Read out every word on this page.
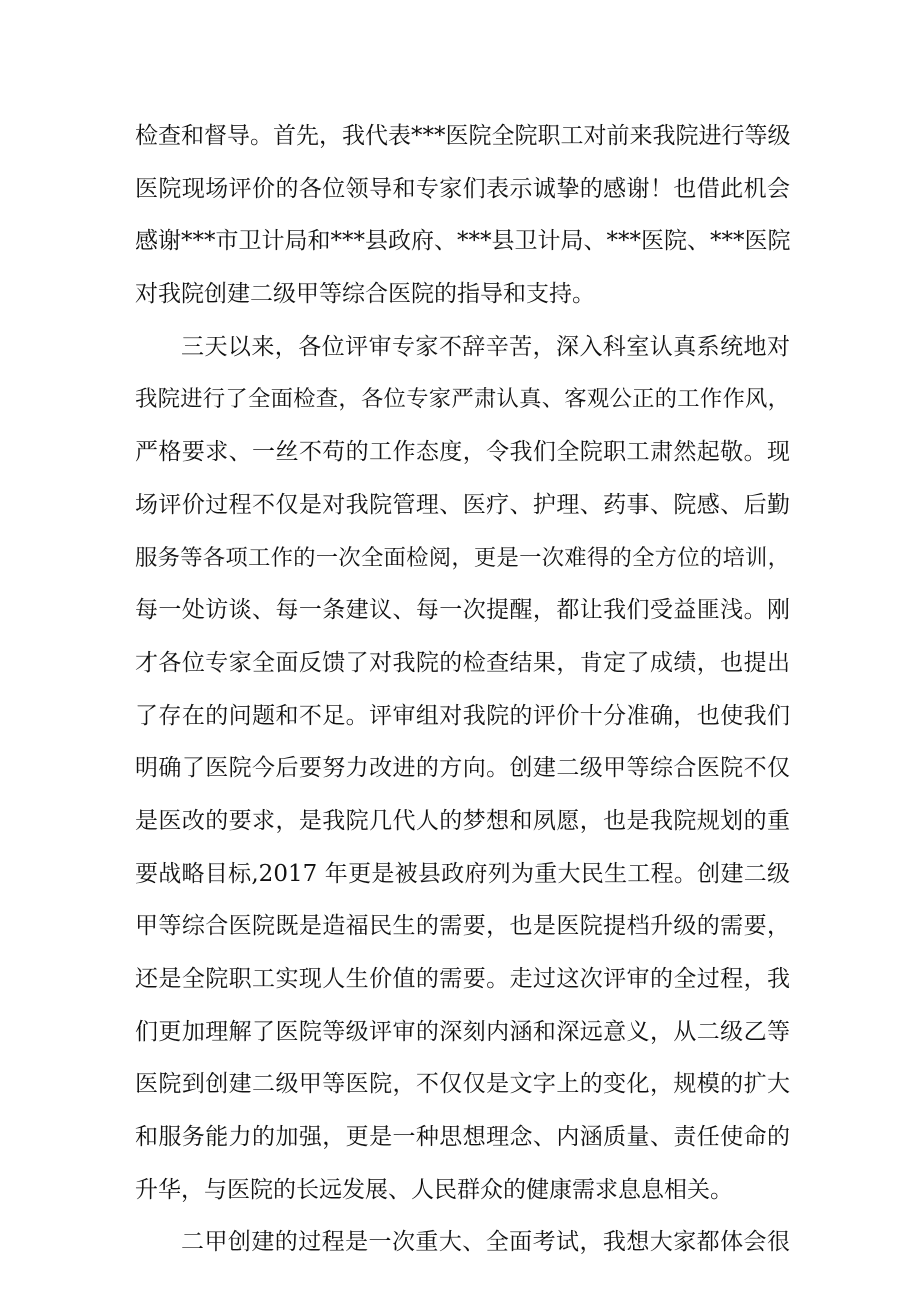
检查和督导。首先，我代表***医院全院职工对前来我院进行等级
医院现场评价的各位领导和专家们表示诚挚的感谢！也借此机会
感谢***市卫计局和***县政府、***县卫计局、***医院、***医院
对我院创建二级甲等综合医院的指导和支持。
三天以来，各位评审专家不辞辛苦，深入科室认真系统地对
我院进行了全面检查，各位专家严肃认真、客观公正的工作作风，
严格要求、一丝不苟的工作态度，令我们全院职工肃然起敬。现
场评价过程不仅是对我院管理、医疗、护理、药事、院感、后勤
服务等各项工作的一次全面检阅，更是一次难得的全方位的培训，
每一处访谈、每一条建议、每一次提醒，都让我们受益匪浅。刚
才各位专家全面反馈了对我院的检查结果，肯定了成绩，也提出
了存在的问题和不足。评审组对我院的评价十分准确，也使我们
明确了医院今后要努力改进的方向。创建二级甲等综合医院不仅
是医改的要求，是我院几代人的梦想和夙愿，也是我院规划的重
要战略目标,2017 年更是被县政府列为重大民生工程。创建二级
甲等综合医院既是造福民生的需要，也是医院提档升级的需要，
还是全院职工实现人生价值的需要。走过这次评审的全过程，我
们更加理解了医院等级评审的深刻内涵和深远意义，从二级乙等
医院到创建二级甲等医院，不仅仅是文字上的变化，规模的扩大
和服务能力的加强，更是一种思想理念、内涵质量、责任使命的
升华，与医院的长远发展、人民群众的健康需求息息相关。
二甲创建的过程是一次重大、全面考试，我想大家都体会很
